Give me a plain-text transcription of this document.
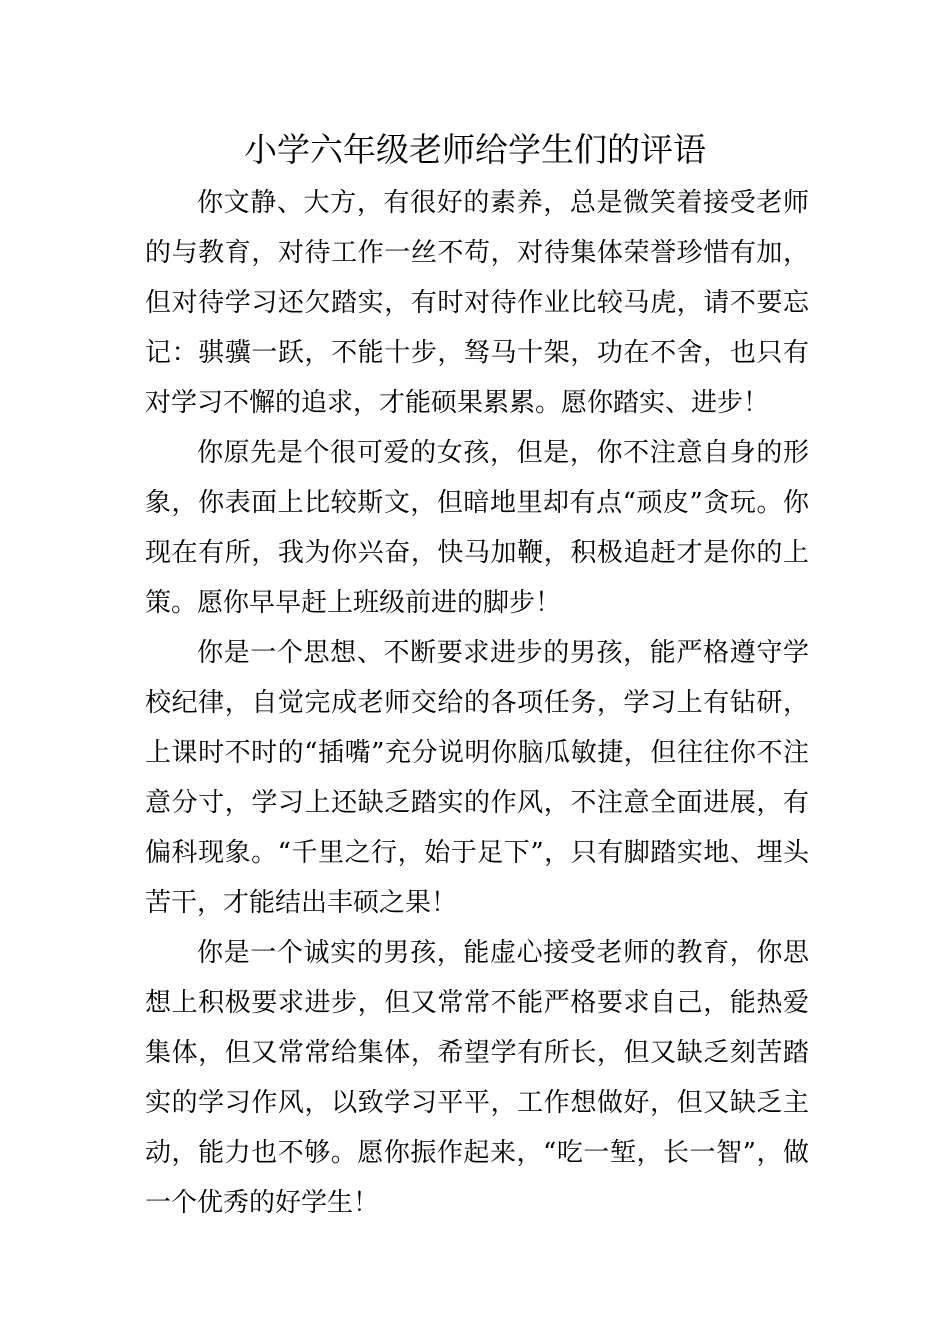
小学六年级老师给学生们的评语

你文静、大方，有很好的素养，总是微笑着接受老师的与教育，对待工作一丝不苟，对待集体荣誉珍惜有加，但对待学习还欠踏实，有时对待作业比较马虎，请不要忘记：骐骥一跃，不能十步，驽马十架，功在不舍，也只有对学习不懈的追求，才能硕果累累。愿你踏实、进步！

你原先是个很可爱的女孩，但是，你不注意自身的形象，你表面上比较斯文，但暗地里却有点“顽皮”贪玩。你现在有所，我为你兴奋，快马加鞭，积极追赶才是你的上策。愿你早早赶上班级前进的脚步！

你是一个思想、不断要求进步的男孩，能严格遵守学校纪律，自觉完成老师交给的各项任务，学习上有钻研，上课时不时的“插嘴”充分说明你脑瓜敏捷，但往往你不注意分寸，学习上还缺乏踏实的作风，不注意全面进展，有偏科现象。“千里之行，始于足下”，只有脚踏实地、埋头苦干，才能结出丰硕之果！

你是一个诚实的男孩，能虚心接受老师的教育，你思想上积极要求进步，但又常常不能严格要求自己，能热爱集体，但又常常给集体，希望学有所长，但又缺乏刻苦踏实的学习作风，以致学习平平，工作想做好，但又缺乏主动，能力也不够。愿你振作起来，“吃一堑，长一智”，做一个优秀的好学生！
